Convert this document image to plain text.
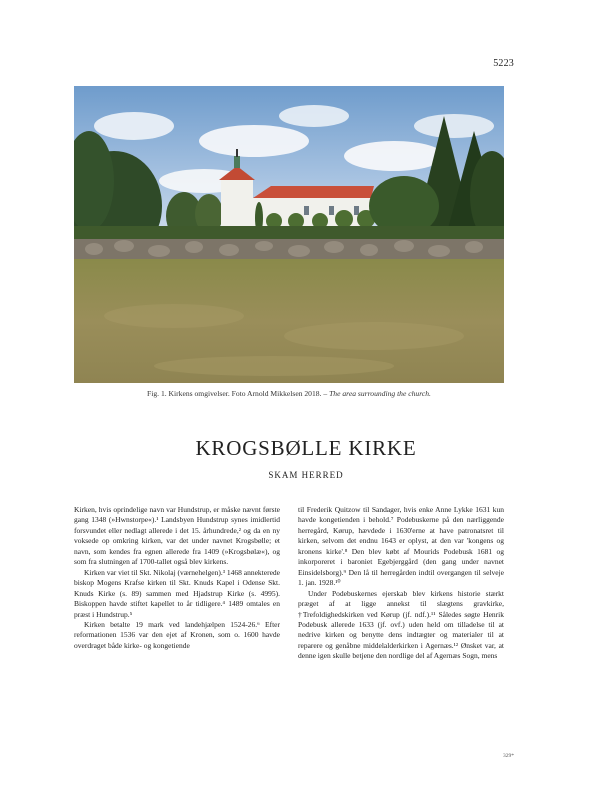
5223
Fig. 1. Kirkens omgivelser. Foto Arnold Mikkelsen 2018. – The area surrounding the church.
KROGSBØLLE KIRKE
SKAM HERRED

Kirken, hvis oprindelige navn var Hundstrup, er måske nævnt første gang 1348 (»Hwnstorpe«).¹ Landsbyen Hundstrup synes imidlertid forsvundet eller nedlagt allerede i det 15. århundrede,² og da en ny voksede op omkring kirken, var det under navnet Krogsbølle; et navn, som kendes fra egnen allerede fra 1409 (»Krogsbølæ«), og som fra slutningen af 1700-tallet også blev kirkens.

Kirken var viet til Skt. Nikolaj (værnehelgen).³ 1468 annekterede biskop Mogens Krafse kirken til Skt. Knuds Kapel i Odense Skt. Knuds Kirke (s. 89) sammen med Hjadstrup Kirke (s. 4995). Biskoppen havde stiftet kapellet to år tidligere.⁴ 1489 omtales en præst i Hundstrup.⁵

Kirken betalte 19 mark ved landehjælpen 1524-26.⁶ Efter reformationen 1536 var den ejet af Kronen, som o. 1600 havde overdraget både kirke- og kongetiende

til Frederik Quitzow til Sandager, hvis enke Anne Lykke 1631 kun havde kongetienden i behold.⁷ Podebuskerne på den nærliggende herregård, Kørup, hævdede i 1630'erne at have patronatsret til kirken, selvom det endnu 1643 er oplyst, at den var 'kongens og kronens kirke'.⁸ Den blev købt af Mourids Podebusk 1681 og inkorporeret i baroniet Egebjerggård (den gang under navnet Einsidelsborg).⁹ Den lå til herregården indtil overgangen til selveje 1. jan. 1928.¹⁰

Under Podebuskernes ejerskab blev kirkens historie stærkt præget af at ligge annekst til slægtens gravkirke, †Trefoldighedskirken ved Kørup (jf. ndf.).¹¹ Således søgte Henrik Podebusk allerede 1633 (jf. ovf.) uden held om tilladelse til at nedrive kirken og benytte dens indtægter og materialer til at reparere og genåbne middelalderkirken i Agernæs.¹² Ønsket var, at denne igen skulle betjene den nordlige del af Agernæs Sogn, mens

329*
